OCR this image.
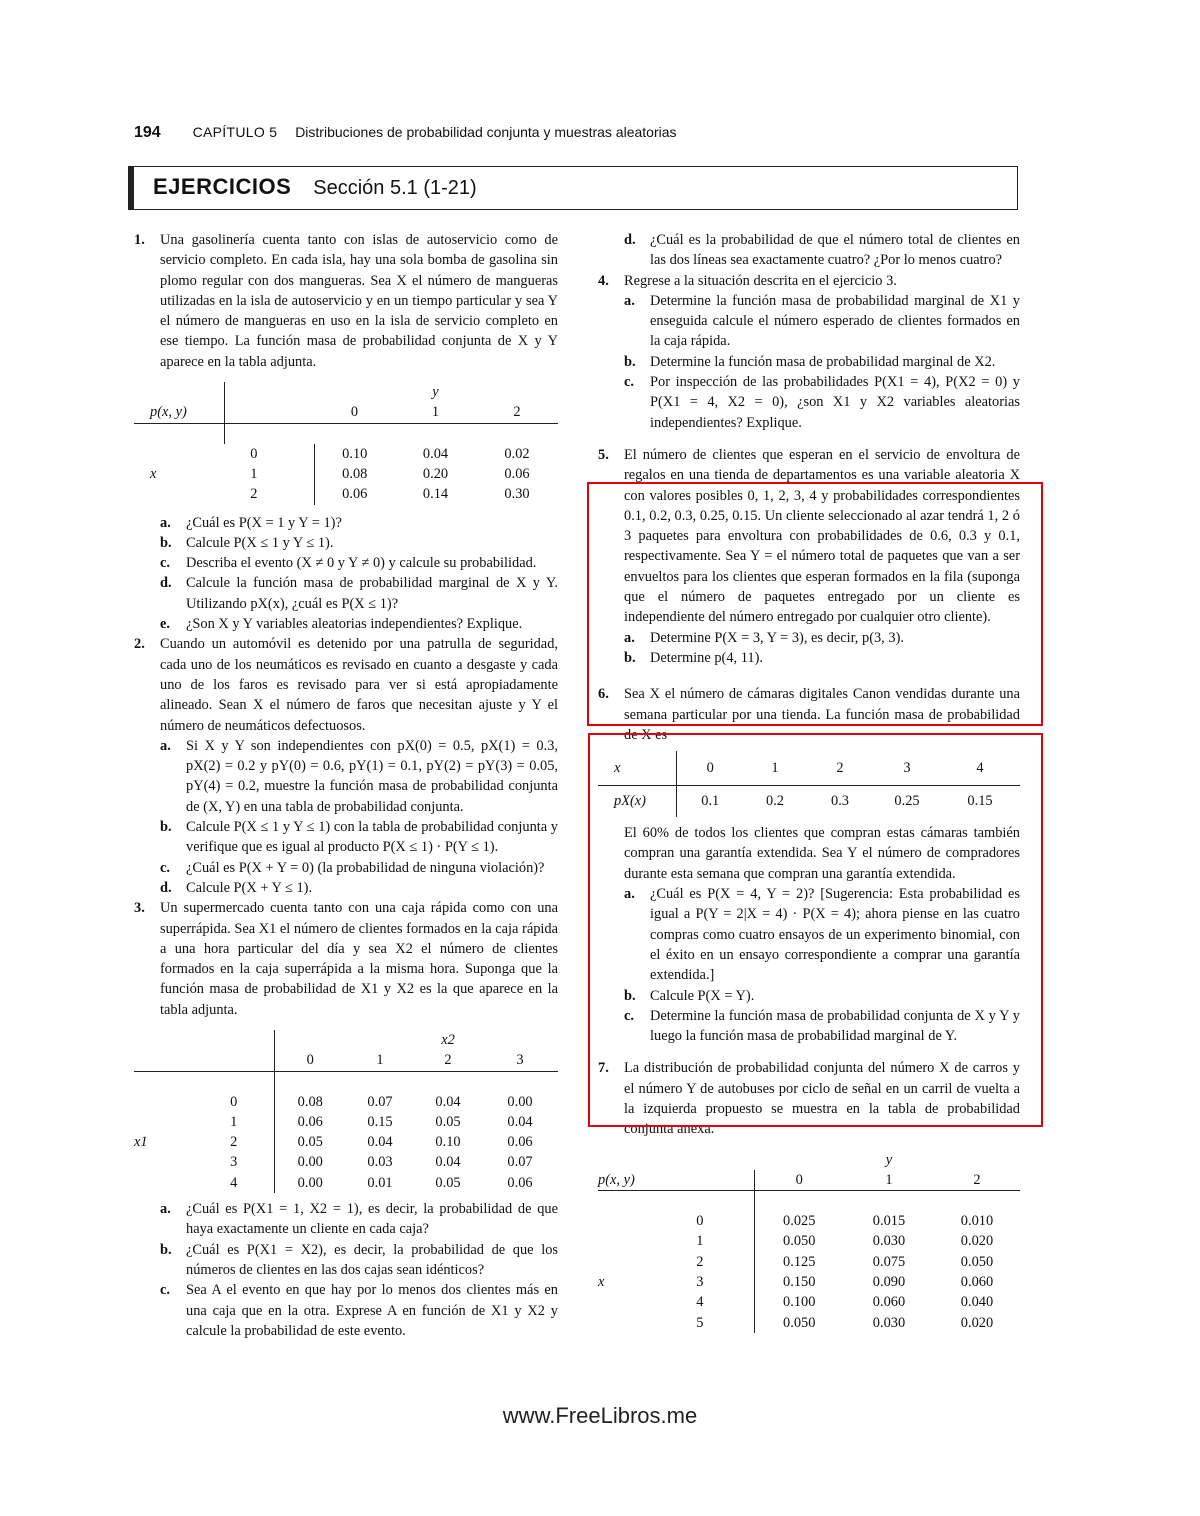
194 CAPÍTULO 5 Distribuciones de probabilidad conjunta y muestras aleatorias
EJERCICIOS Sección 5.1 (1-21)

1. Una gasolinería cuenta tanto con islas de autoservicio como de servicio completo. En cada isla, hay una sola bomba de gasolina sin plomo regular con dos mangueras. Sea X el número de mangueras utilizadas en la isla de autoservicio y en un tiempo particular y sea Y el número de mangueras en uso en la isla de servicio completo en ese tiempo. La función masa de probabilidad conjunta de X y Y aparece en la tabla adjunta.

			y	
p(x, y)		0	1	2

	0	0.10	0.04	0.02
x	1	0.08	0.20	0.06
	2	0.06	0.14	0.30

a. ¿Cuál es P(X = 1 y Y = 1)?

b. Calcule P(X ≤ 1 y Y ≤ 1).

c. Describa el evento (X ≠ 0 y Y ≠ 0) y calcule su probabilidad.

d. Calcule la función masa de probabilidad marginal de X y Y. Utilizando pX(x), ¿cuál es P(X ≤ 1)?

e. ¿Son X y Y variables aleatorias independientes? Explique.

2. Cuando un automóvil es detenido por una patrulla de seguridad, cada uno de los neumáticos es revisado en cuanto a desgaste y cada uno de los faros es revisado para ver si está apropiadamente alineado. Sean X el número de faros que necesitan ajuste y Y el número de neumáticos defectuosos.

a. Si X y Y son independientes con pX(0) = 0.5, pX(1) = 0.3, pX(2) = 0.2 y pY(0) = 0.6, pY(1) = 0.1, pY(2) = pY(3) = 0.05, pY(4) = 0.2, muestre la función masa de probabilidad conjunta de (X, Y) en una tabla de probabilidad conjunta.

b. Calcule P(X ≤ 1 y Y ≤ 1) con la tabla de probabilidad conjunta y verifique que es igual al producto P(X ≤ 1) · P(Y ≤ 1).

c. ¿Cuál es P(X + Y = 0) (la probabilidad de ninguna violación)?

d. Calcule P(X + Y ≤ 1).

3. Un supermercado cuenta tanto con una caja rápida como con una superrápida. Sea X1 el número de clientes formados en la caja rápida a una hora particular del día y sea X2 el número de clientes formados en la caja superrápida a la misma hora. Suponga que la función masa de probabilidad de X1 y X2 es la que aparece en la tabla adjunta.

				x2	
		0	1	2	3

	0	0.08	0.07	0.04	0.00
	1	0.06	0.15	0.05	0.04
x1	2	0.05	0.04	0.10	0.06
	3	0.00	0.03	0.04	0.07
	4	0.00	0.01	0.05	0.06

a. ¿Cuál es P(X1 = 1, X2 = 1), es decir, la probabilidad de que haya exactamente un cliente en cada caja?

b. ¿Cuál es P(X1 = X2), es decir, la probabilidad de que los números de clientes en las dos cajas sean idénticos?

c. Sea A el evento en que hay por lo menos dos clientes más en una caja que en la otra. Exprese A en función de X1 y X2 y calcule la probabilidad de este evento.

d. ¿Cuál es la probabilidad de que el número total de clientes en las dos líneas sea exactamente cuatro? ¿Por lo menos cuatro?

4. Regrese a la situación descrita en el ejercicio 3.

a. Determine la función masa de probabilidad marginal de X1 y enseguida calcule el número esperado de clientes formados en la caja rápida.

b. Determine la función masa de probabilidad marginal de X2.

c. Por inspección de las probabilidades P(X1 = 4), P(X2 = 0) y P(X1 = 4, X2 = 0), ¿son X1 y X2 variables aleatorias independientes? Explique.

5. El número de clientes que esperan en el servicio de envoltura de regalos en una tienda de departamentos es una variable aleatoria X con valores posibles 0, 1, 2, 3, 4 y probabilidades correspondientes 0.1, 0.2, 0.3, 0.25, 0.15. Un cliente seleccionado al azar tendrá 1, 2 ó 3 paquetes para envoltura con probabilidades de 0.6, 0.3 y 0.1, respectivamente. Sea Y = el número total de paquetes que van a ser envueltos para los clientes que esperan formados en la fila (suponga que el número de paquetes entregado por un cliente es independiente del número entregado por cualquier otro cliente).

a. Determine P(X = 3, Y = 3), es decir, p(3, 3).

b. Determine p(4, 11).

6. Sea X el número de cámaras digitales Canon vendidas durante una semana particular por una tienda. La función masa de probabilidad de X es

x	0	1	2	3	4
pX(x)	0.1	0.2	0.3	0.25	0.15

El 60% de todos los clientes que compran estas cámaras también compran una garantía extendida. Sea Y el número de compradores durante esta semana que compran una garantía extendida.

a. ¿Cuál es P(X = 4, Y = 2)? [Sugerencia: Esta probabilidad es igual a P(Y = 2|X = 4) · P(X = 4); ahora piense en las cuatro compras como cuatro ensayos de un experimento binomial, con el éxito en un ensayo correspondiente a comprar una garantía extendida.]

b. Calcule P(X = Y).

c. Determine la función masa de probabilidad conjunta de X y Y y luego la función masa de probabilidad marginal de Y.

7. La distribución de probabilidad conjunta del número X de carros y el número Y de autobuses por ciclo de señal en un carril de vuelta a la izquierda propuesto se muestra en la tabla de probabilidad conjunta anexa.

			y	
p(x, y)		0	1	2

	0	0.025	0.015	0.010
	1	0.050	0.030	0.020
	2	0.125	0.075	0.050
x	3	0.150	0.090	0.060
	4	0.100	0.060	0.040
	5	0.050	0.030	0.020
www.FreeLibros.me
